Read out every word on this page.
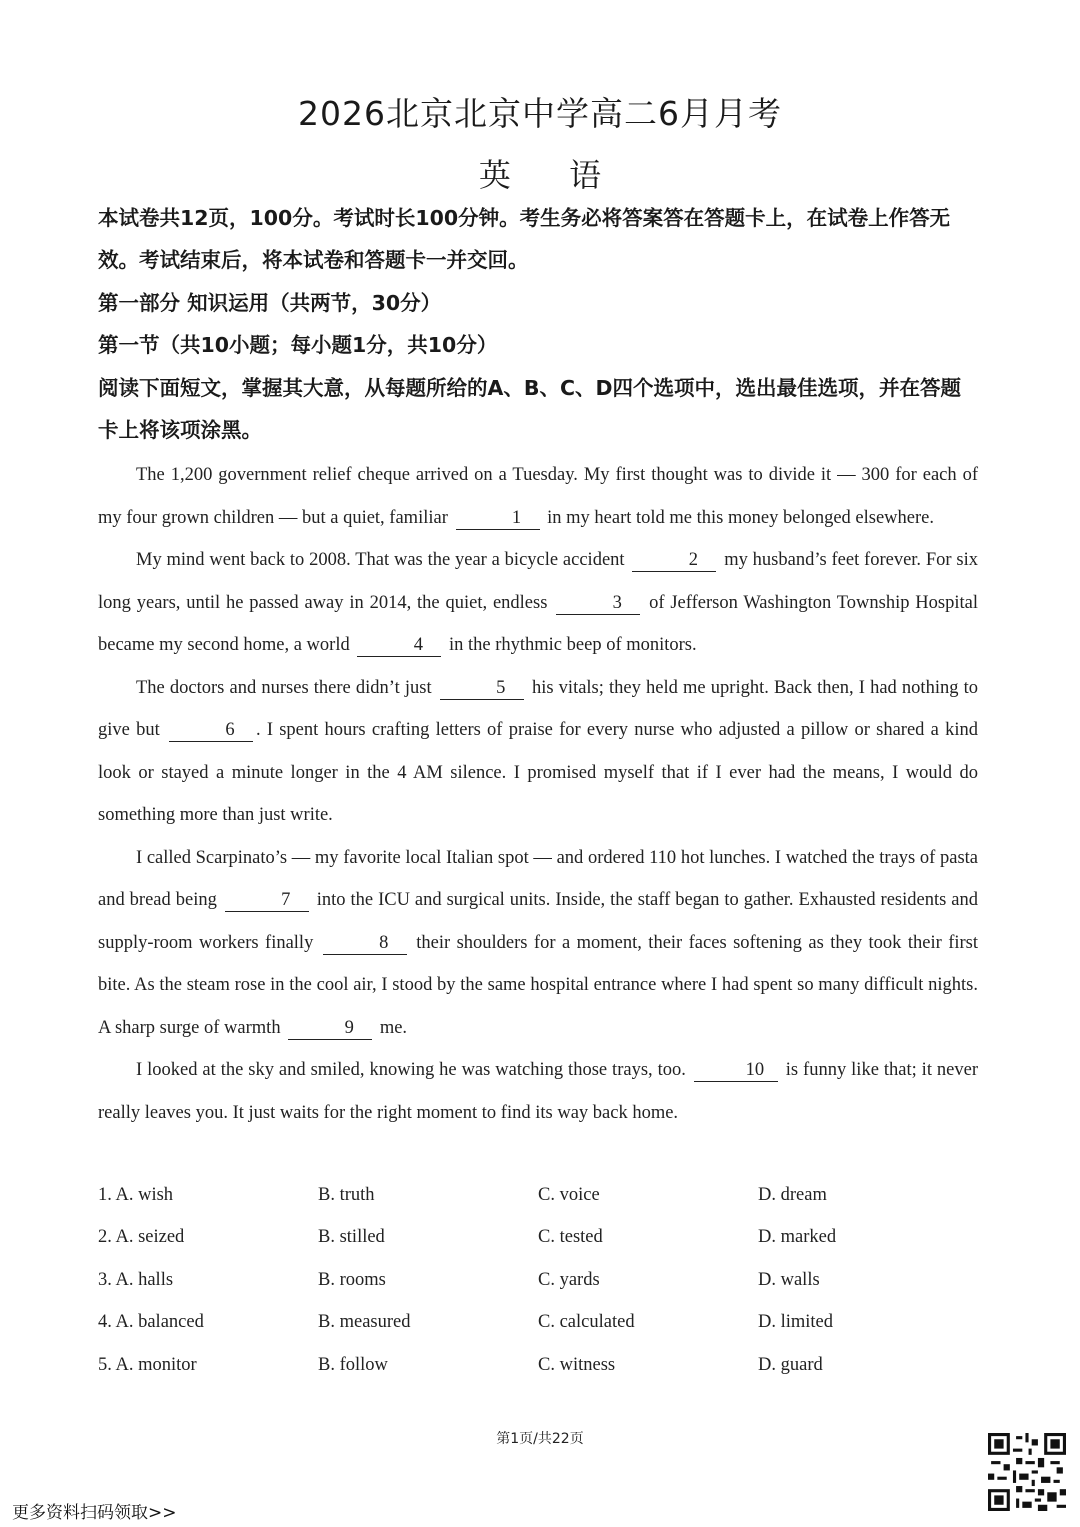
2026北京北京中学高二6月月考
英 语
本试卷共12页，100分。考试时长100分钟。考生务必将答案答在答题卡上，在试卷上作答无效。考试结束后，将本试卷和答题卡一并交回。
第一部分 知识运用（共两节，30分）
第一节（共10小题；每小题1分，共10分）
阅读下面短文，掌握其大意，从每题所给的A、B、C、D四个选项中，选出最佳选项，并在答题卡上将该项涂黑。

The 1,200 government relief cheque arrived on a Tuesday. My first thought was to divide it — 300 for each of my four grown children — but a quiet, familiar	1 in my heart told me this money belonged elsewhere.

My mind went back to 2008. That was the year a bicycle accident	2 my husband’s feet forever. For six long years, until he passed away in 2014, the quiet, endless	3 of Jefferson Washington Township Hospital became my second home, a world	4 in the rhythmic beep of monitors.

The doctors and nurses there didn’t just	5 his vitals; they held me upright. Back then, I had nothing to give but	6 . I spent hours crafting letters of praise for every nurse who adjusted a pillow or shared a kind look or stayed a minute longer in the 4 AM silence. I promised myself that if I ever had the means, I would do something more than just write.

I called Scarpinato’s — my favorite local Italian spot — and ordered 110 hot lunches. I watched the trays of pasta and bread being	7 into the ICU and surgical units. Inside, the staff began to gather. Exhausted residents and supply-room workers finally	8 their shoulders for a moment, their faces softening as they took their first bite. As the steam rose in the cool air, I stood by the same hospital entrance where I had spent so many difficult nights. A sharp surge of warmth	9 me.

I looked at the sky and smiled, knowing he was watching those trays, too.	10 is funny like that; it never really leaves you. It just waits for the right moment to find its way back home.

1. A. wish	B. truth	C. voice	D. dream
2. A. seized	B. stilled	C. tested	D. marked
3. A. halls	B. rooms	C. yards	D. walls
4. A. balanced	B. measured	C. calculated	D. limited
5. A. monitor	B. follow	C. witness	D. guard
第1页/共22页
更多资料扫码领取>>
